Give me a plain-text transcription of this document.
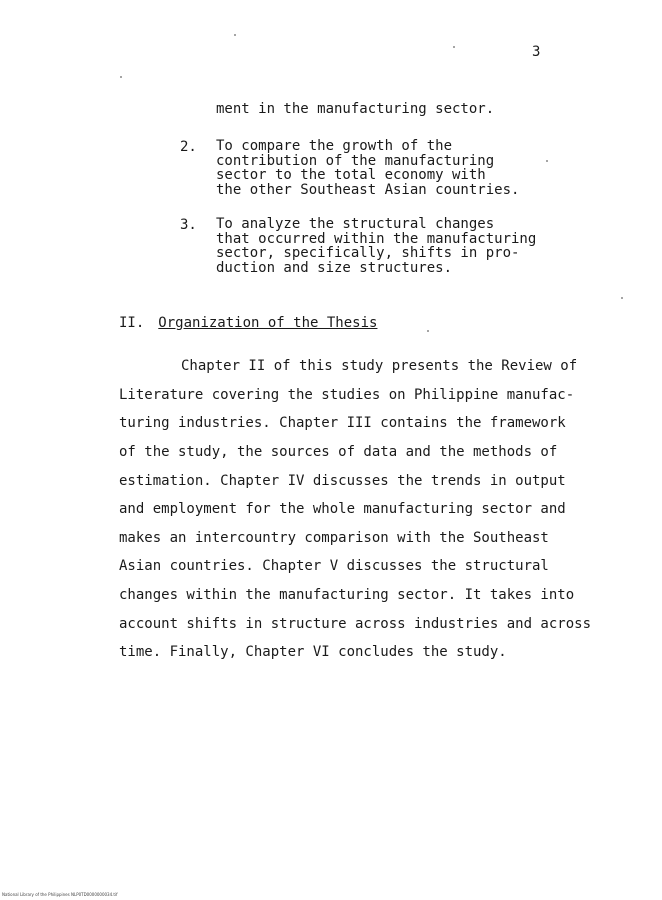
3
ment in the manufacturing sector.
2. To compare the growth of the
contribution of the manufacturing
sector to the total economy with
the other Southeast Asian countries.
3. To analyze the structural changes
that occurred within the manufacturing
sector, specifically, shifts in pro-
duction and size structures.
II. Organization of the Thesis
Chapter II of this study presents the Review of
Literature covering the studies on Philippine manufac-
turing industries. Chapter III contains the framework
of the study, the sources of data and the methods of
estimation. Chapter IV discusses the trends in output
and employment for the whole manufacturing sector and
makes an intercountry comparison with the Southeast
Asian countries. Chapter V discusses the structural
changes within the manufacturing sector. It takes into
account shifts in structure across industries and across
time. Finally, Chapter VI concludes the study.
National Library of the Philippines NLP0TD0000000034.tif
